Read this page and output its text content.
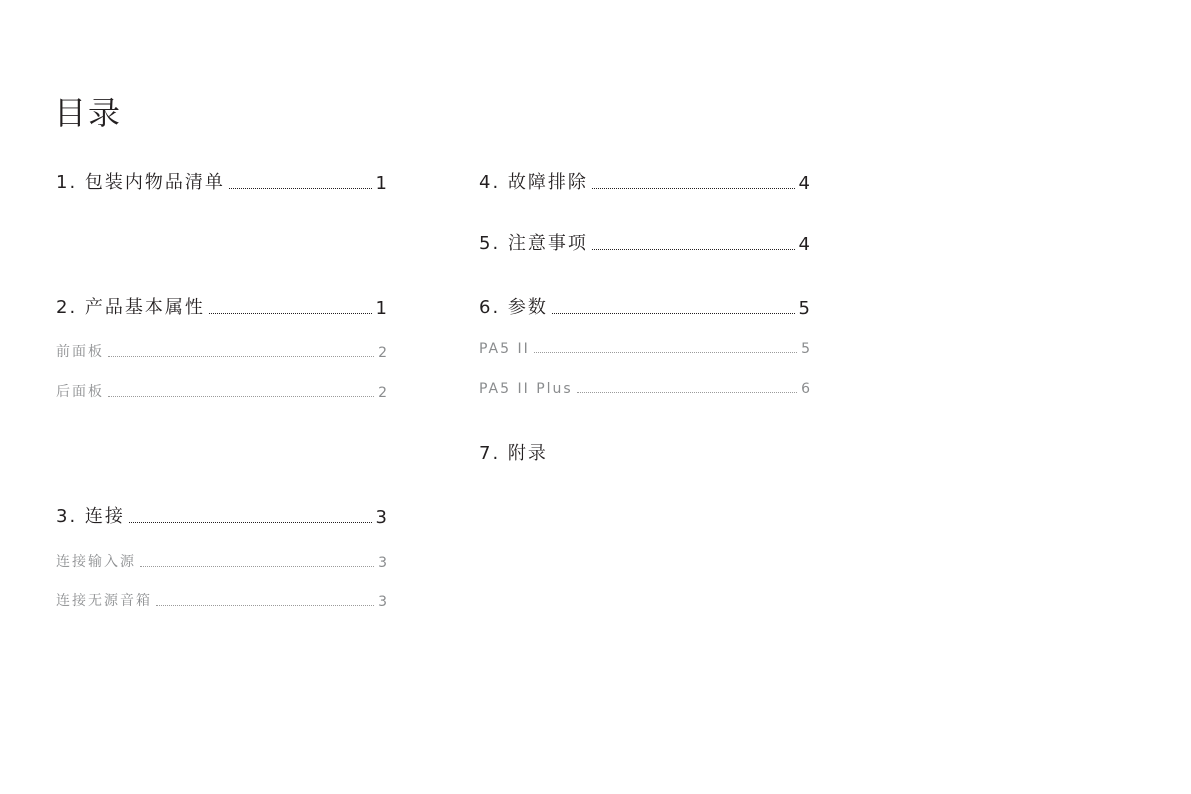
目录
1. 包装内物品清单	1
2. 产品基本属性	1
前面板	2
后面板	2
3. 连接	3
连接输入源	3
连接无源音箱	3
4. 故障排除	4
5. 注意事项	4
6. 参数	5
PA5 II	5
PA5 II Plus	6
7. 附录
